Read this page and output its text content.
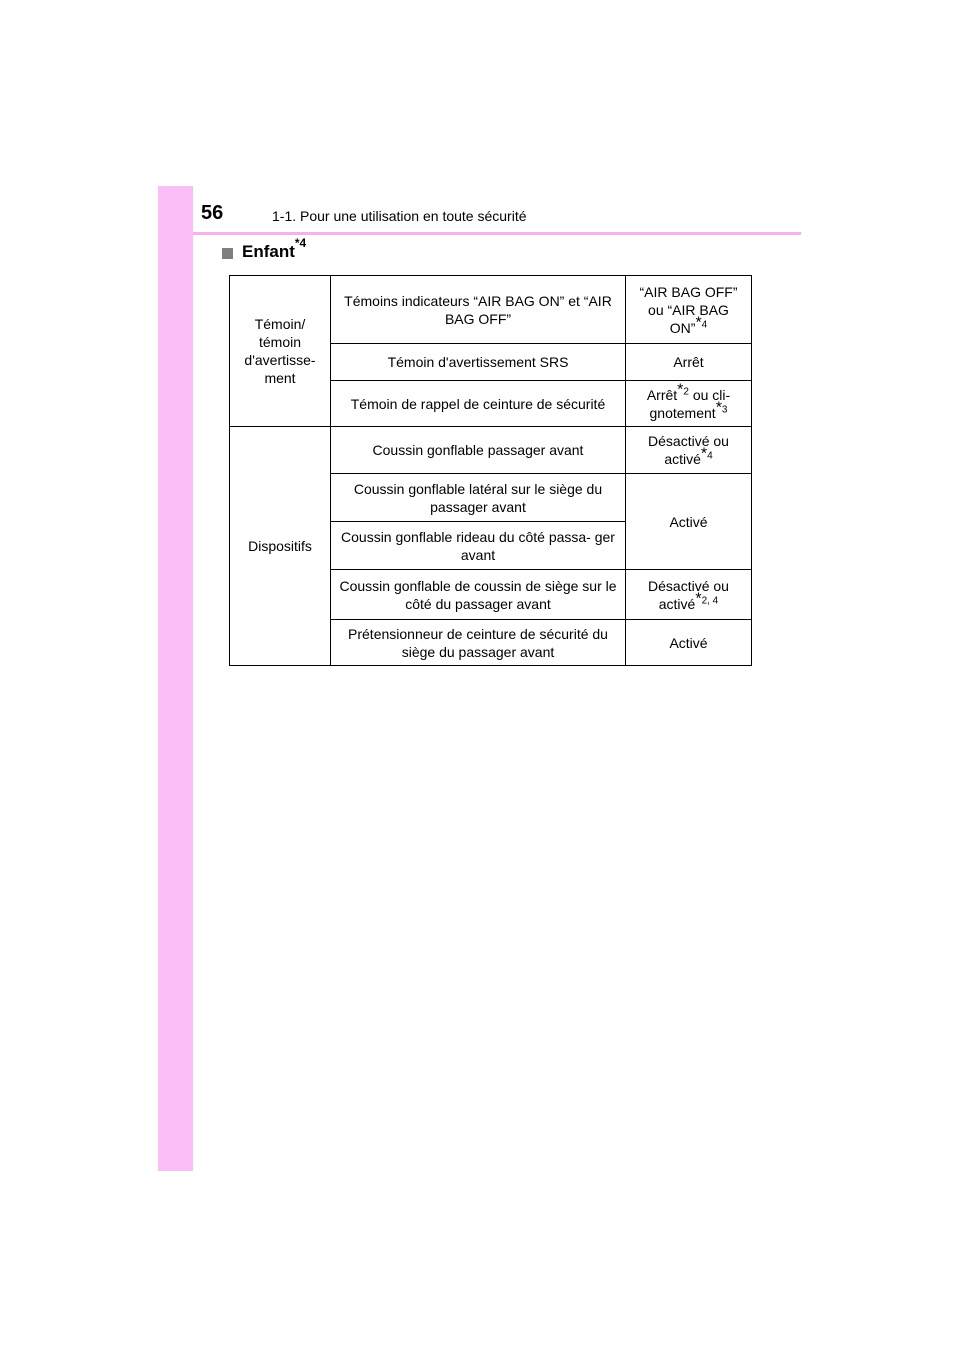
56	1-1. Pour une utilisation en toute sécurité
Enfant *4
Témoin/ témoin d'avertisse- ment	Témoins indicateurs “AIR BAG ON” et “AIR BAG OFF”	“AIR BAG OFF” ou “AIR BAG ON”*$^4$
	Témoin d'avertissement SRS	Arrêt
	Témoin de rappel de ceinture de sécurité	Arrêt*$^2$ ou cli- gnotement*$^3$
Dispositifs	Coussin gonflable passager avant	Désactivé ou activé*$^4$
	Coussin gonflable latéral sur le siège du passager avant	Activé
	Coussin gonflable rideau du côté passa- ger avant	
	Coussin gonflable de coussin de siège sur le côté du passager avant	Désactivé ou activé*$^{2, 4}$
	Prétensionneur de ceinture de sécurité du siège du passager avant	Activé
